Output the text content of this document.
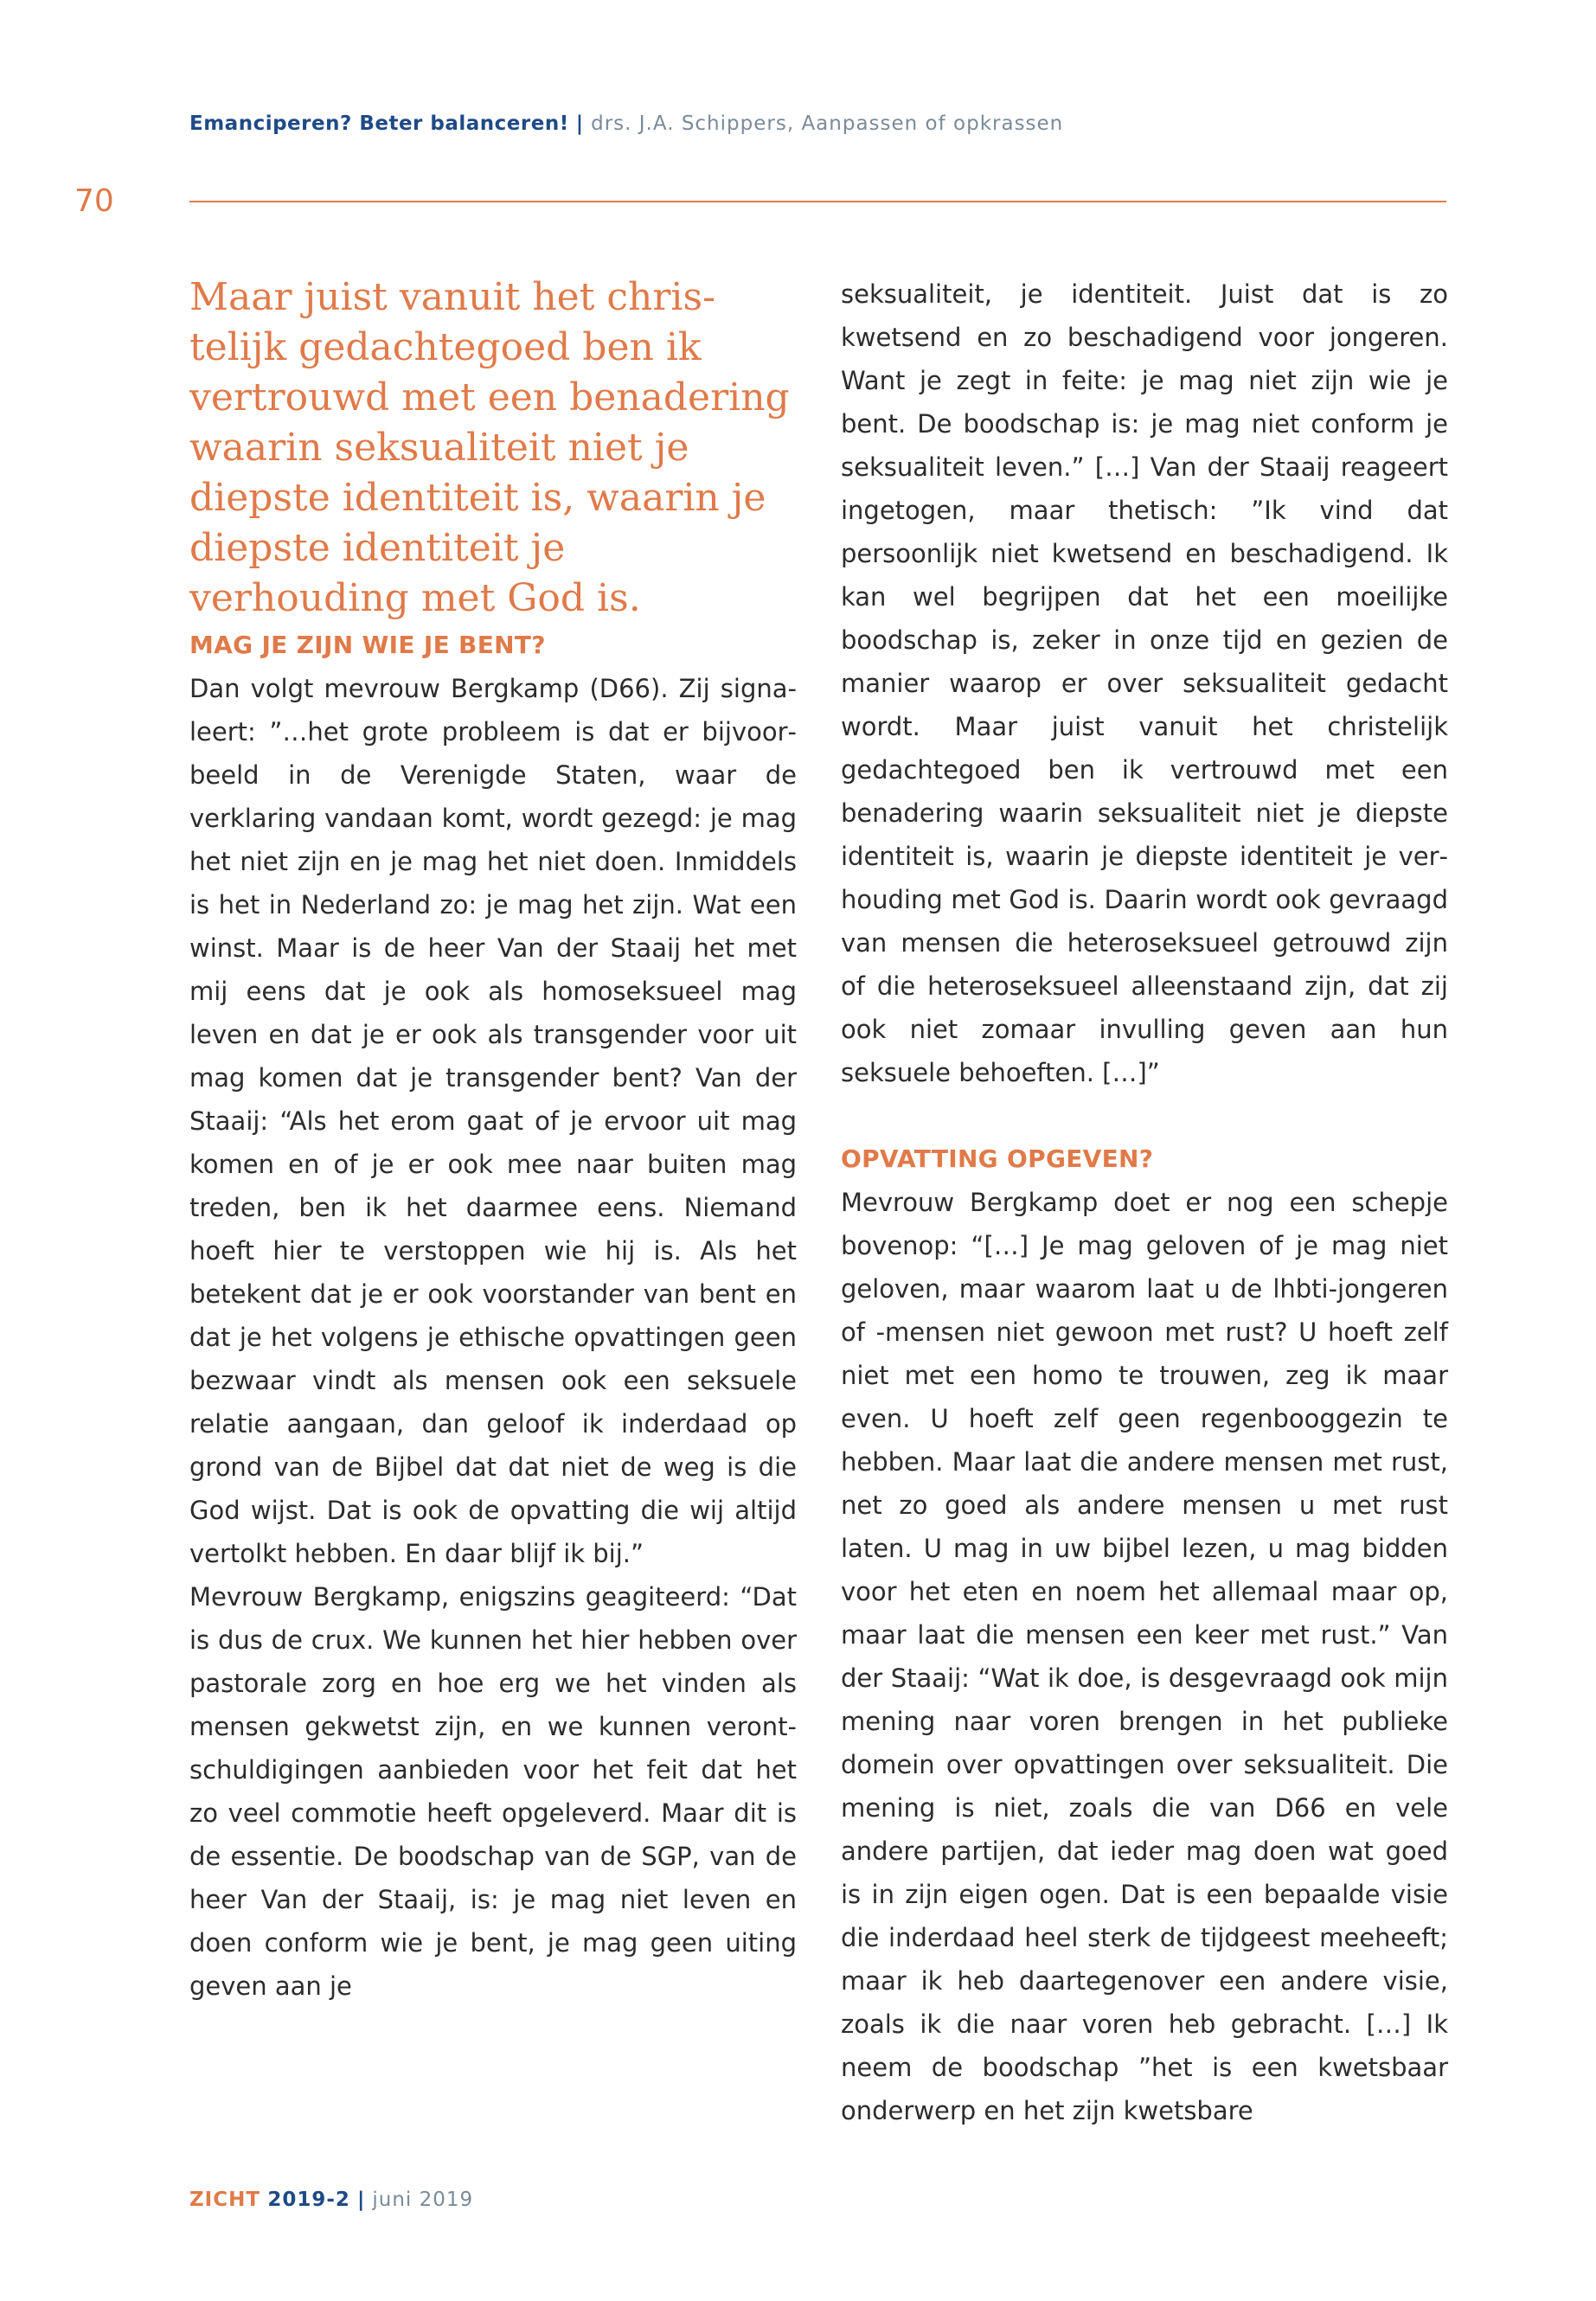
Emanciperen? Beter balanceren! | drs. J.A. Schippers, Aanpassen of opkrassen
70

Maar juist vanuit het christelijk gedachtegoed ben ik vertrouwd met een benadering waarin seksualiteit niet je diepste identiteit is, waarin je diepste identiteit je verhouding met God is.

MAG JE ZIJN WIE JE BENT?

Dan volgt mevrouw Bergkamp (D66). Zij signaleert: ”…het grote probleem is dat er bijvoorbeeld in de Verenigde Staten, waar de verklaring vandaan komt, wordt gezegd: je mag het niet zijn en je mag het niet doen. Inmiddels is het in Nederland zo: je mag het zijn. Wat een winst. Maar is de heer Van der Staaij het met mij eens dat je ook als homoseksueel mag leven en dat je er ook als transgender voor uit mag komen dat je transgender bent? Van der Staaij: “Als het erom gaat of je ervoor uit mag komen en of je er ook mee naar buiten mag treden, ben ik het daarmee eens. Niemand hoeft hier te verstoppen wie hij is. Als het betekent dat je er ook voorstander van bent en dat je het volgens je ethische opvattingen geen bezwaar vindt als mensen ook een seksuele relatie aangaan, dan geloof ik inderdaad op grond van de Bijbel dat dat niet de weg is die God wijst. Dat is ook de opvatting die wij altijd vertolkt hebben. En daar blijf ik bij.”

Mevrouw Bergkamp, enigszins geagiteerd: “Dat is dus de crux. We kunnen het hier hebben over pastorale zorg en hoe erg we het vinden als mensen gekwetst zijn, en we kunnen verontschuldigingen aanbieden voor het feit dat het zo veel commotie heeft opgeleverd. Maar dit is de essentie. De boodschap van de SGP, van de heer Van der Staaij, is: je mag niet leven en doen conform wie je bent, je mag geen uiting geven aan je

seksualiteit, je identiteit. Juist dat is zo kwetsend en zo beschadigend voor jongeren. Want je zegt in feite: je mag niet zijn wie je bent. De boodschap is: je mag niet conform je seksualiteit leven.” […] Van der Staaij reageert ingetogen, maar thetisch: ”Ik vind dat persoonlijk niet kwetsend en beschadigend. Ik kan wel begrijpen dat het een moeilijke boodschap is, zeker in onze tijd en gezien de manier waarop er over seksualiteit gedacht wordt. Maar juist vanuit het christelijk gedachtegoed ben ik vertrouwd met een benadering waarin seksualiteit niet je diepste identiteit is, waarin je diepste identiteit je verhouding met God is. Daarin wordt ook gevraagd van mensen die heteroseksueel getrouwd zijn of die heteroseksueel alleenstaand zijn, dat zij ook niet zomaar invulling geven aan hun seksuele behoeften. […]”

OPVATTING OPGEVEN?

Mevrouw Bergkamp doet er nog een schepje bovenop: “[…] Je mag geloven of je mag niet geloven, maar waarom laat u de lhbti-jongeren of -mensen niet gewoon met rust? U hoeft zelf niet met een homo te trouwen, zeg ik maar even. U hoeft zelf geen regenbooggezin te hebben. Maar laat die andere mensen met rust, net zo goed als andere mensen u met rust laten. U mag in uw bijbel lezen, u mag bidden voor het eten en noem het allemaal maar op, maar laat die mensen een keer met rust.” Van der Staaij: “Wat ik doe, is desgevraagd ook mijn mening naar voren brengen in het publieke domein over opvattingen over seksualiteit. Die mening is niet, zoals die van D66 en vele andere partijen, dat ieder mag doen wat goed is in zijn eigen ogen. Dat is een bepaalde visie die inderdaad heel sterk de tijdgeest meeheeft; maar ik heb daartegenover een andere visie, zoals ik die naar voren heb gebracht. […] Ik neem de boodschap ”het is een kwetsbaar onderwerp en het zijn kwetsbare

ZICHT 2019-2 | juni 2019
